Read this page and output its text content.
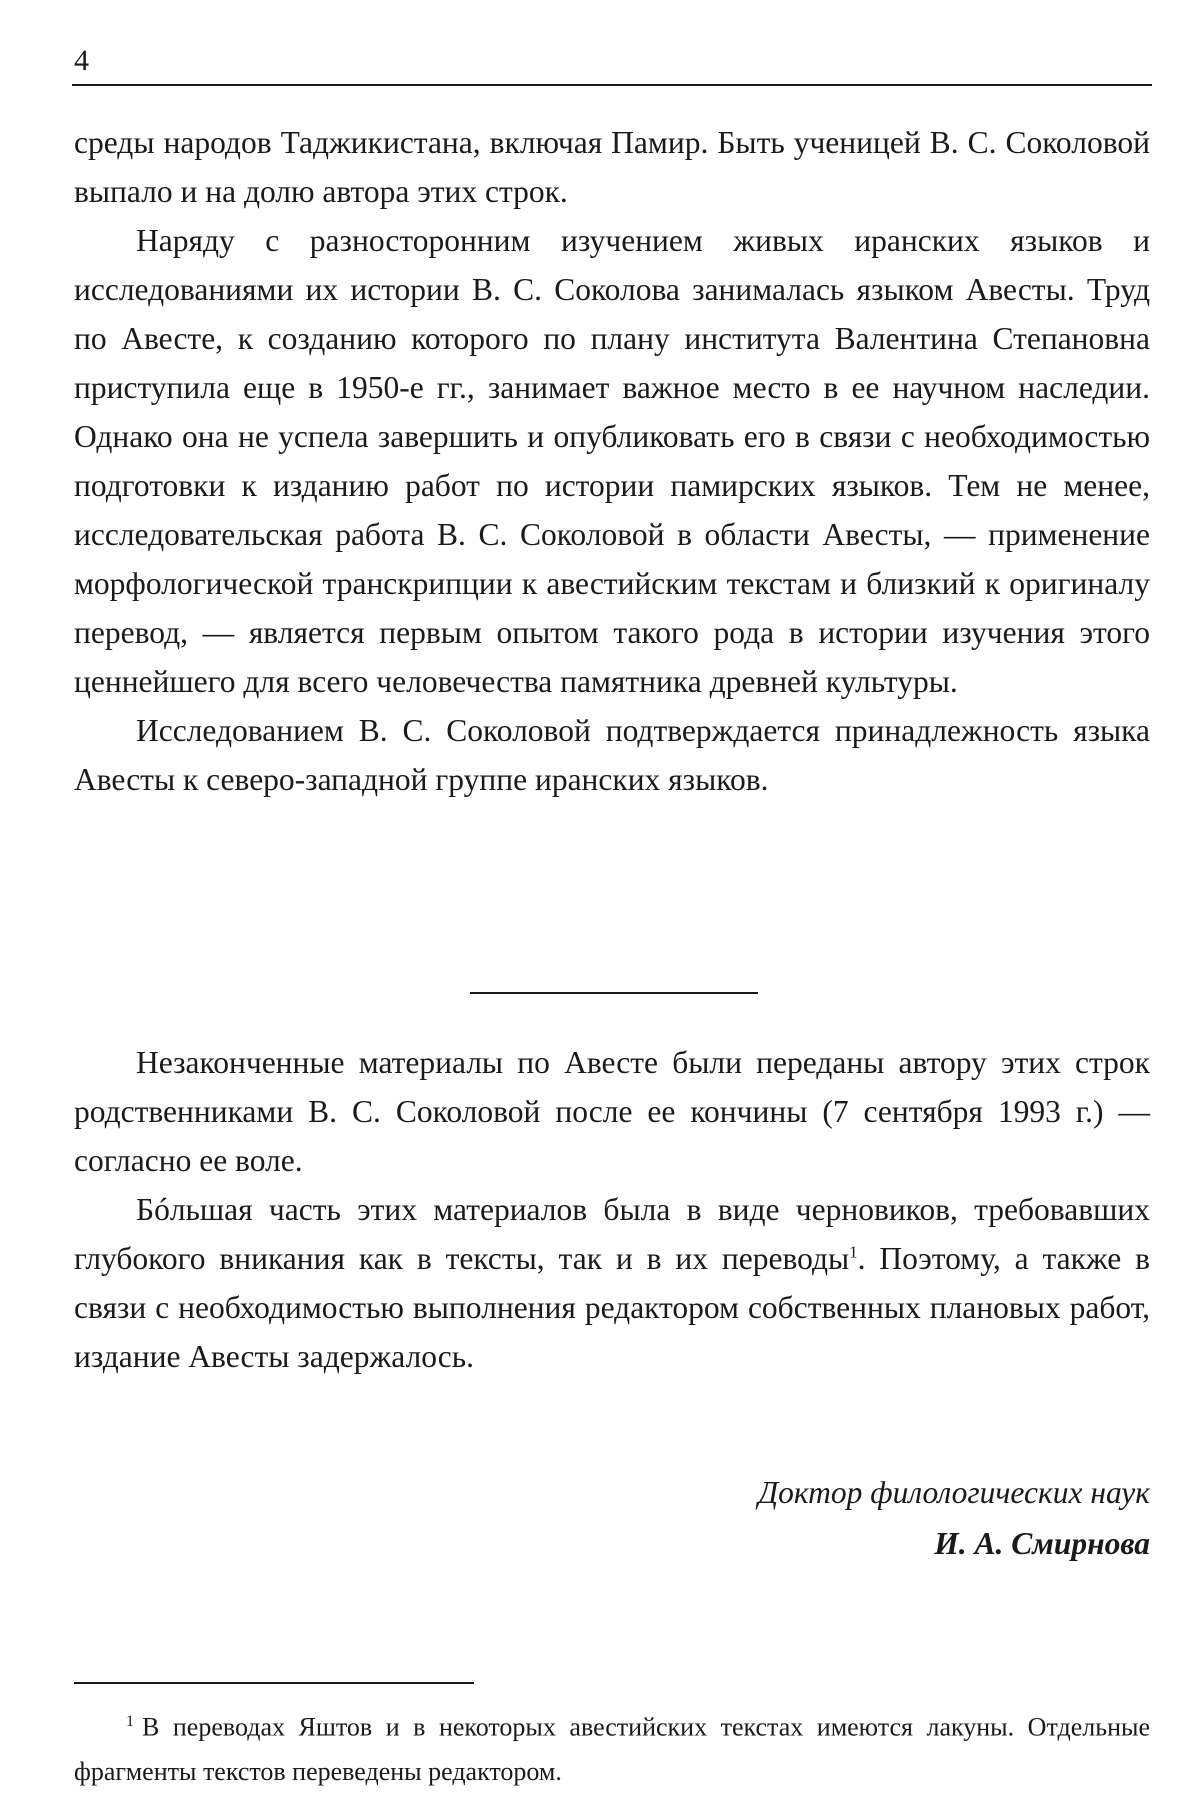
4

среды народов Таджикистана, включая Памир. Быть ученицей В. С. Соколовой выпало и на долю автора этих строк.

Наряду с разносторонним изучением живых иранских языков и исследованиями их истории В. С. Соколова занималась языком Авесты. Труд по Авесте, к созданию которого по плану института Валентина Степановна приступила еще в 1950-е гг., занимает важное место в ее научном наследии. Однако она не успела завершить и опубликовать его в связи с необходимостью подготовки к изданию работ по истории памирских языков. Тем не менее, исследовательская работа В. С. Соколовой в области Авесты, — применение морфологической транскрипции к авестийским текстам и близкий к оригиналу перевод, — является первым опытом такого рода в истории изучения этого ценнейшего для всего человечества памятника древней культуры.

Исследованием В. С. Соколовой подтверждается принадлежность языка Авесты к северо-западной группе иранских языков.

Незаконченные материалы по Авесте были переданы автору этих строк родственниками В. С. Соколовой после ее кончины (7 сентября 1993 г.) — согласно ее воле.

Бóльшая часть этих материалов была в виде черновиков, требовавших глубокого вникания как в тексты, так и в их переводы$^1$. Поэтому, а также в связи с необходимостью выполнения редактором собственных плановых работ, издание Авесты задержалось.

Доктор филологических наук
И. А. Смирнова

$^1$ В переводах Яштов и в некоторых авестийских текстах имеются лакуны. Отдельные фрагменты текстов переведены редактором.
